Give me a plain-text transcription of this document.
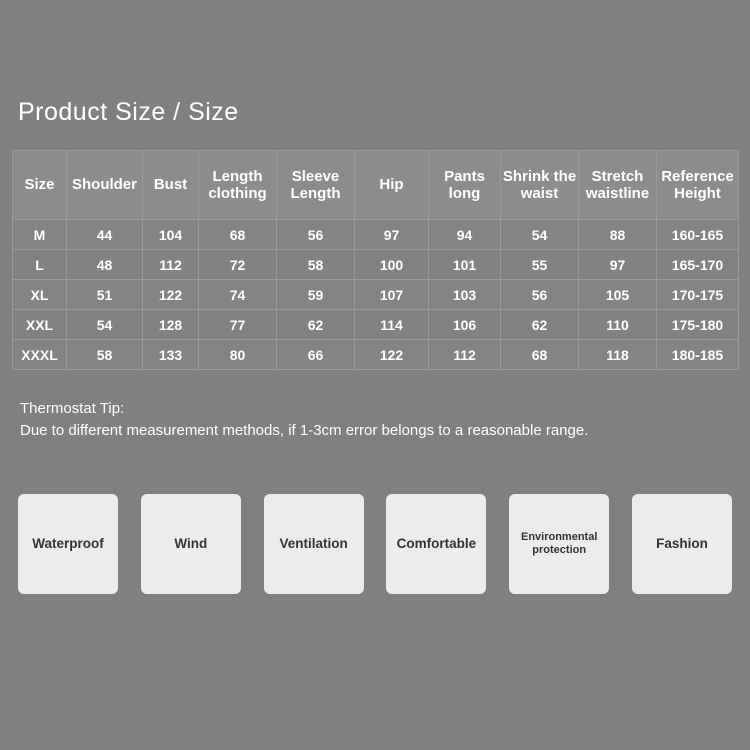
Product Size / Size
Size	Shoulder	Bust	Length clothing	Sleeve Length	Hip	Pants long	Shrink the waist	Stretch waistline	Reference Height
M	44	104	68	56	97	94	54	88	160-165
L	48	112	72	58	100	101	55	97	165-170
XL	51	122	74	59	107	103	56	105	170-175
XXL	54	128	77	62	114	106	62	110	175-180
XXXL	58	133	80	66	122	112	68	118	180-185
Thermostat Tip:
Due to different measurement methods, if 1-3cm error belongs to a reasonable range.
Waterproof	Wind	Ventilation	Comfortable	Environmental protection	Fashion
